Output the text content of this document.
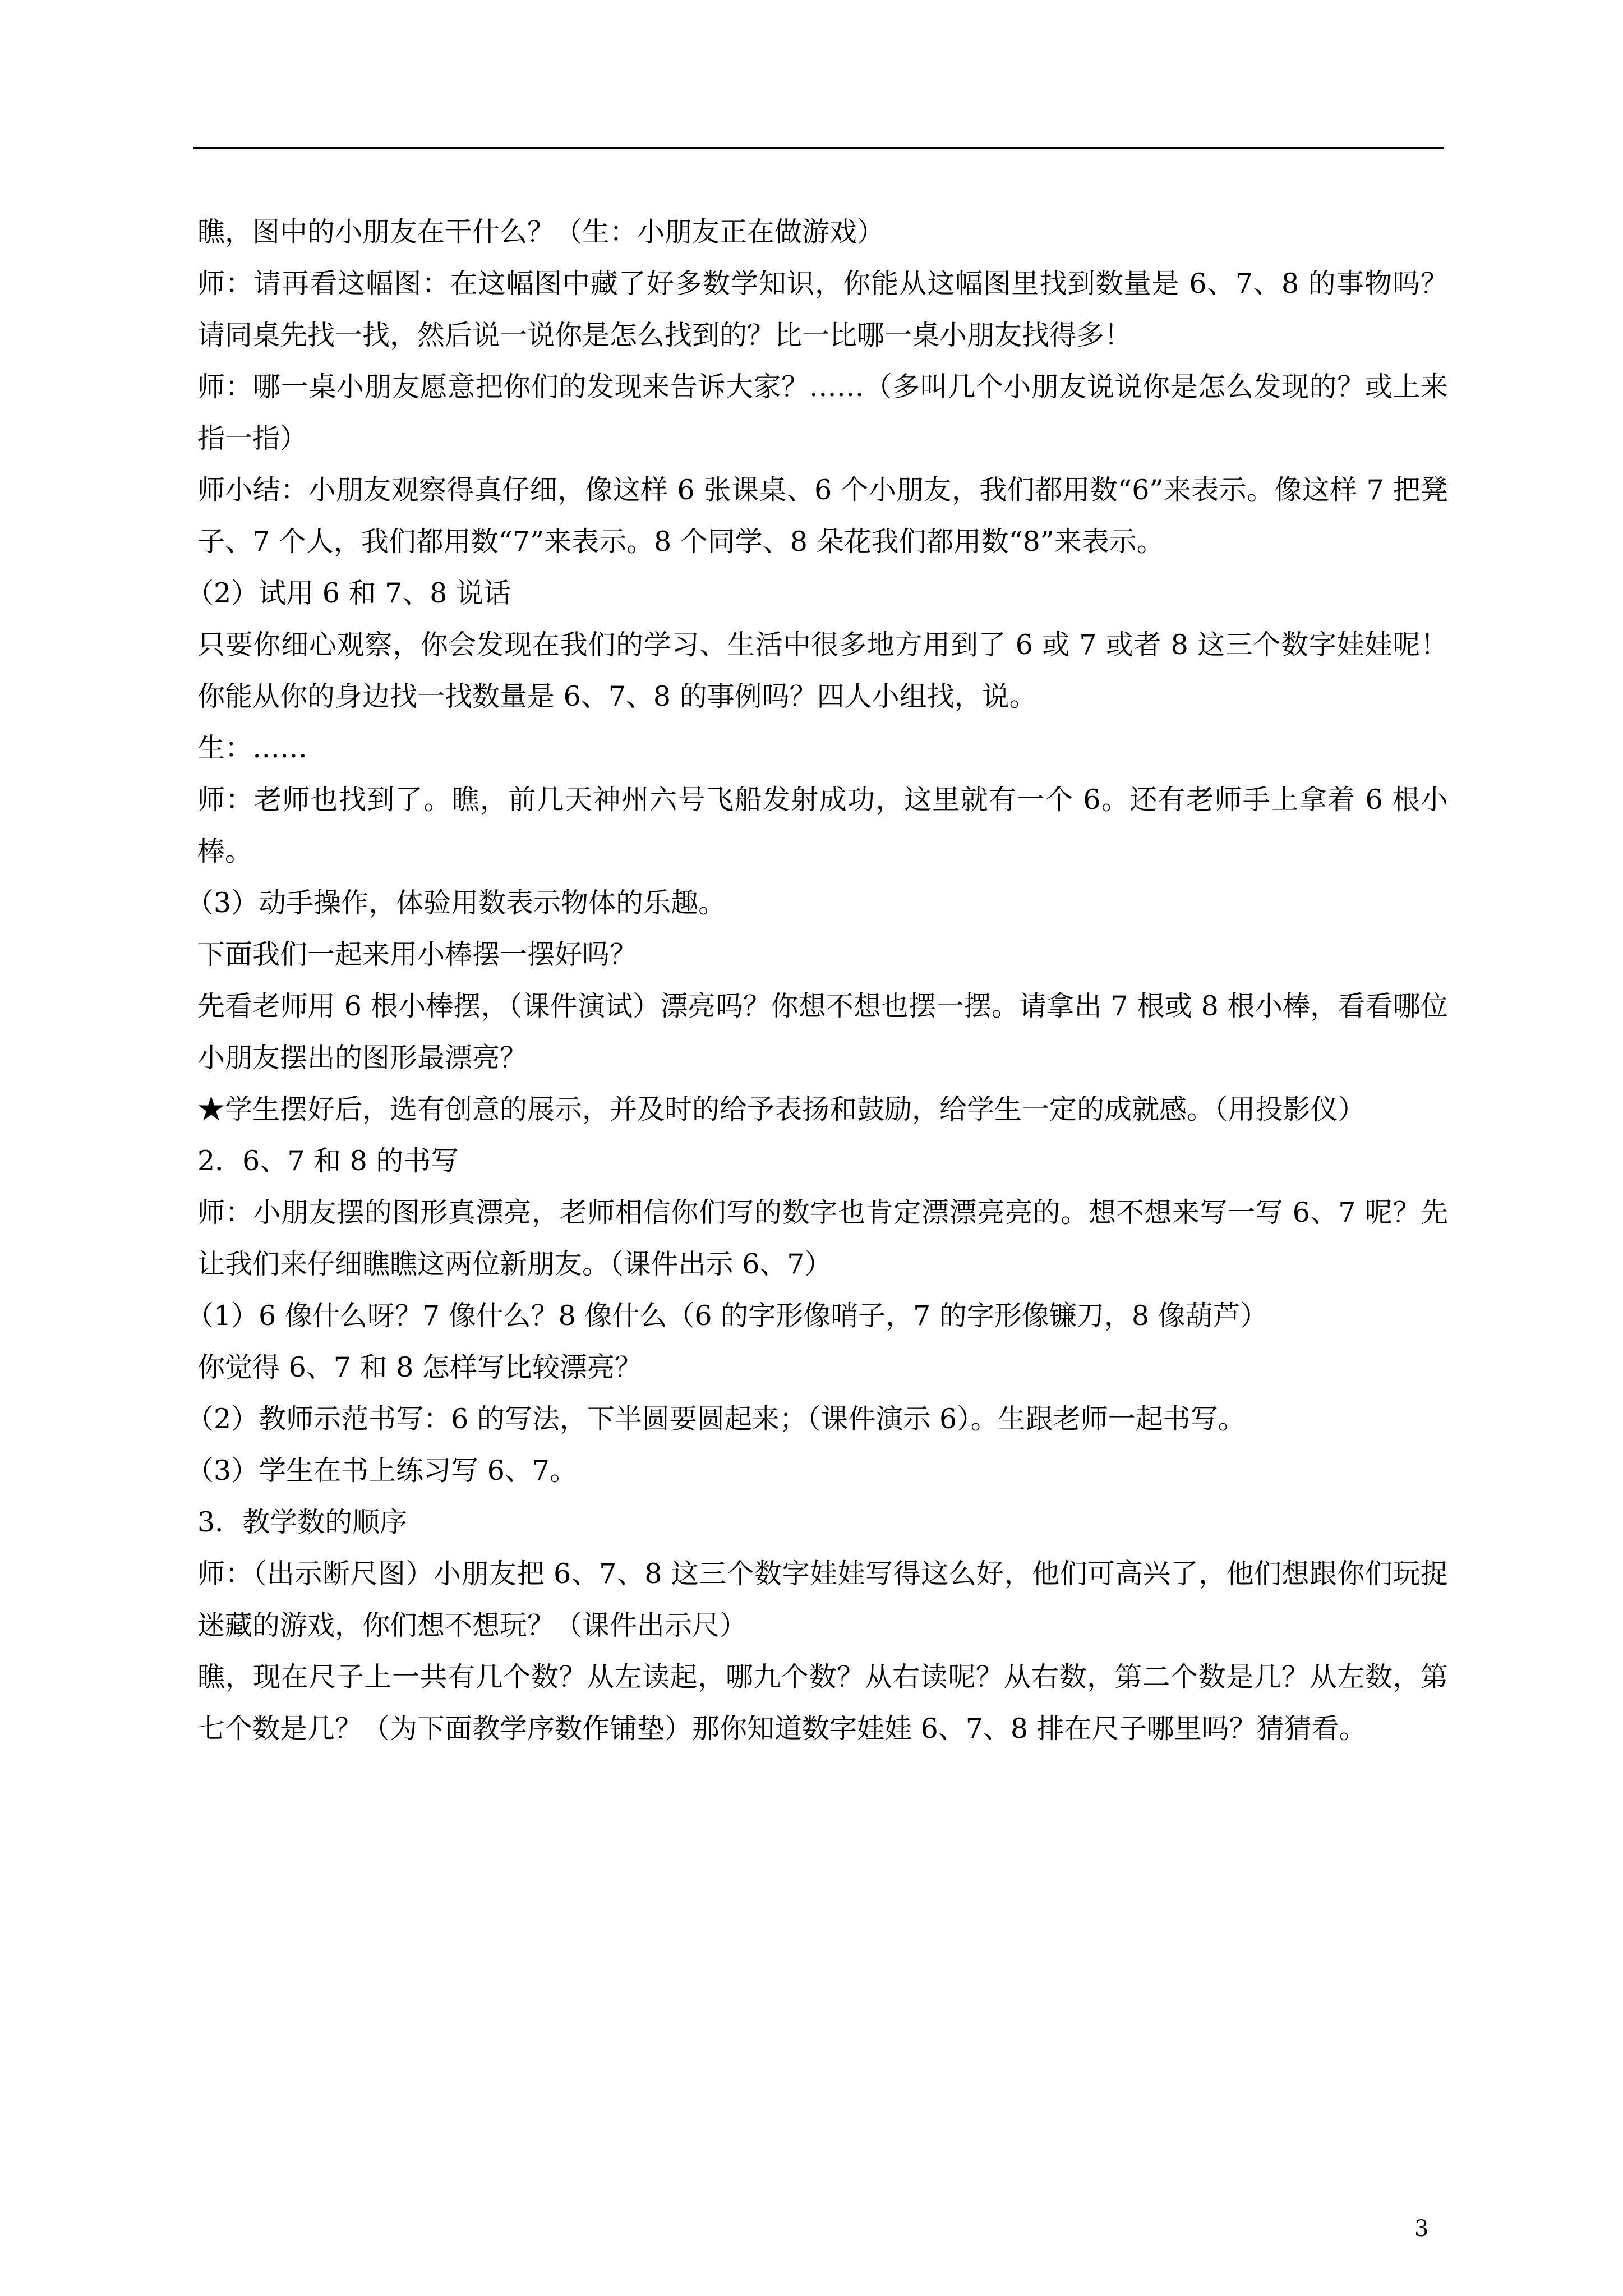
瞧，图中的小朋友在干什么？（生：小朋友正在做游戏）

师：请再看这幅图：在这幅图中藏了好多数学知识，你能从这幅图里找到数量是 6、7、8 的事物吗？请同桌先找一找，然后说一说你是怎么找到的？比一比哪一桌小朋友找得多！

师：哪一桌小朋友愿意把你们的发现来告诉大家？……（多叫几个小朋友说说你是怎么发现的？或上来指一指）

师小结：小朋友观察得真仔细，像这样 6 张课桌、6 个小朋友，我们都用数“6”来表示。像这样 7 把凳子、7 个人，我们都用数“7”来表示。8 个同学、8 朵花我们都用数“8”来表示。

（2）试用 6 和 7、8 说话

只要你细心观察，你会发现在我们的学习、生活中很多地方用到了 6 或 7 或者 8 这三个数字娃娃呢！你能从你的身边找一找数量是 6、7、8 的事例吗？四人小组找，说。

生：……

师：老师也找到了。瞧，前几天神州六号飞船发射成功，这里就有一个 6。还有老师手上拿着 6 根小棒。

（3）动手操作，体验用数表示物体的乐趣。

下面我们一起来用小棒摆一摆好吗？

先看老师用 6 根小棒摆，（课件演试）漂亮吗？你想不想也摆一摆。请拿出 7 根或 8 根小棒，看看哪位小朋友摆出的图形最漂亮？

★学生摆好后，选有创意的展示，并及时的给予表扬和鼓励，给学生一定的成就感。（用投影仪）

2．6、7 和 8 的书写

师：小朋友摆的图形真漂亮，老师相信你们写的数字也肯定漂漂亮亮的。想不想来写一写 6、7 呢？先让我们来仔细瞧瞧这两位新朋友。（课件出示 6、7）

（1）6 像什么呀？7 像什么？8 像什么（6 的字形像哨子，7 的字形像镰刀，8 像葫芦）

你觉得 6、7 和 8 怎样写比较漂亮？

（2）教师示范书写：6 的写法，下半圆要圆起来；（课件演示 6）。生跟老师一起书写。

（3）学生在书上练习写 6、7。

3．教学数的顺序

师：（出示断尺图）小朋友把 6、7、8 这三个数字娃娃写得这么好，他们可高兴了，他们想跟你们玩捉迷藏的游戏，你们想不想玩？（课件出示尺）

瞧，现在尺子上一共有几个数？从左读起，哪九个数？从右读呢？从右数，第二个数是几？从左数，第七个数是几？（为下面教学序数作铺垫）那你知道数字娃娃 6、7、8 排在尺子哪里吗？猜猜看。

3
